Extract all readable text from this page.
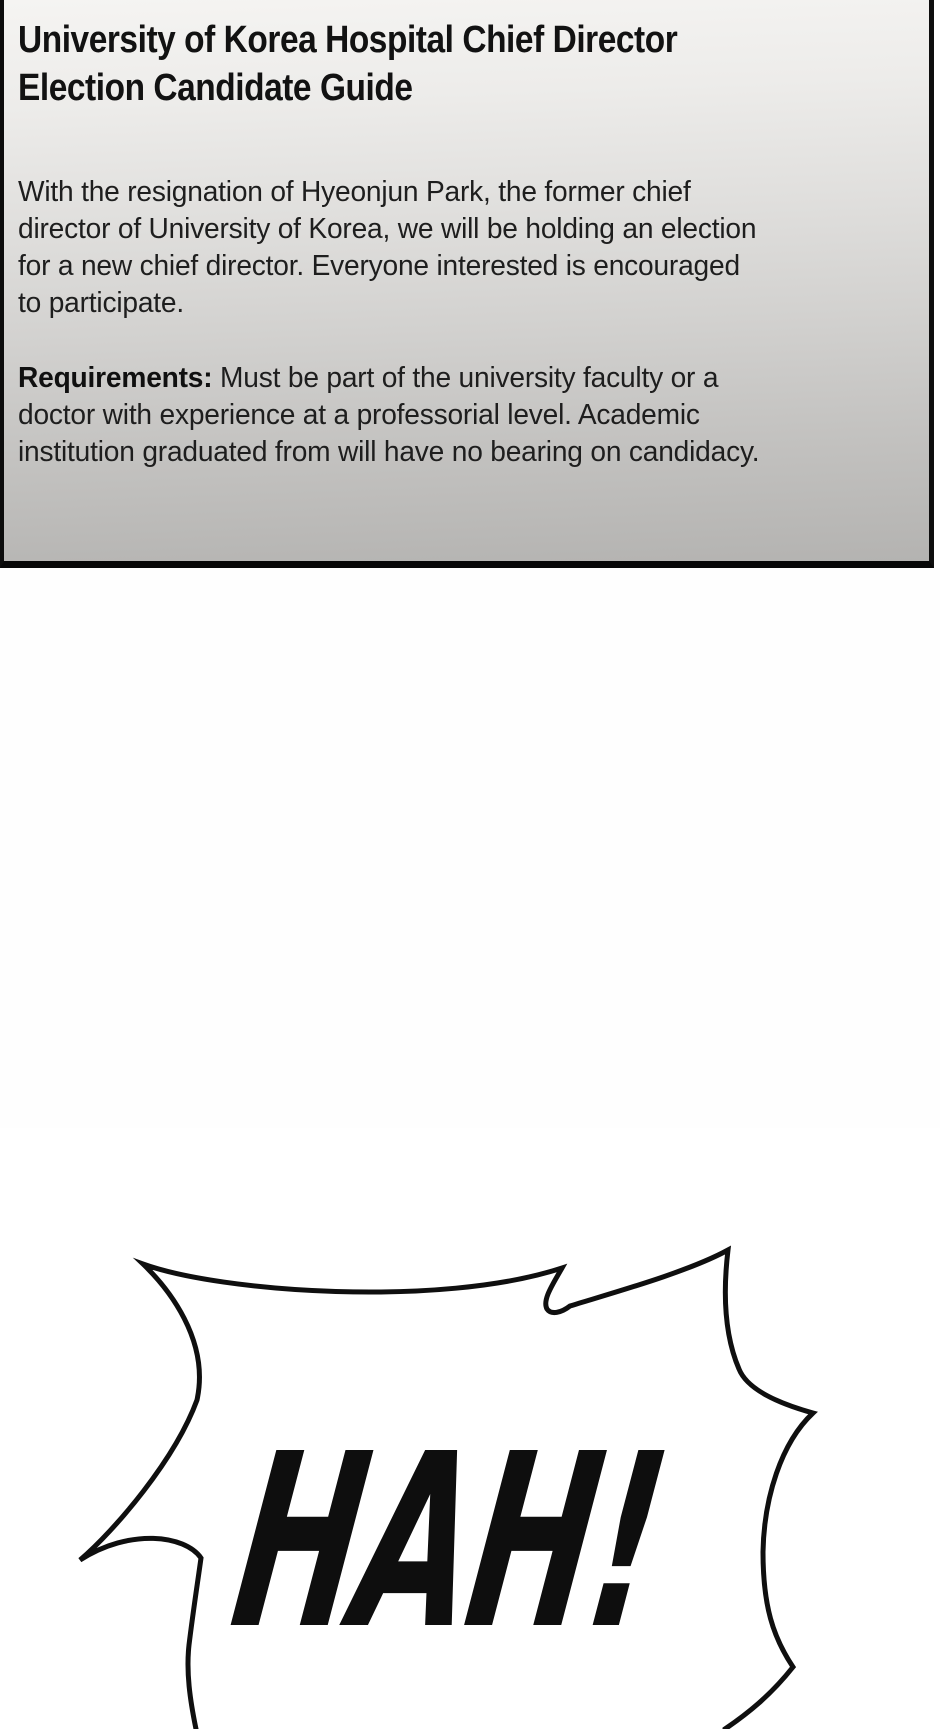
University of Korea Hospital Chief Director
Election Candidate Guide
With the resignation of Hyeonjun Park, the former chief
director of University of Korea, we will be holding an election
for a new chief director. Everyone interested is encouraged
to participate.
Requirements: Must be part of the university faculty or a
doctor with experience at a professorial level. Academic
institution graduated from will have no bearing on candidacy.
HAH!
